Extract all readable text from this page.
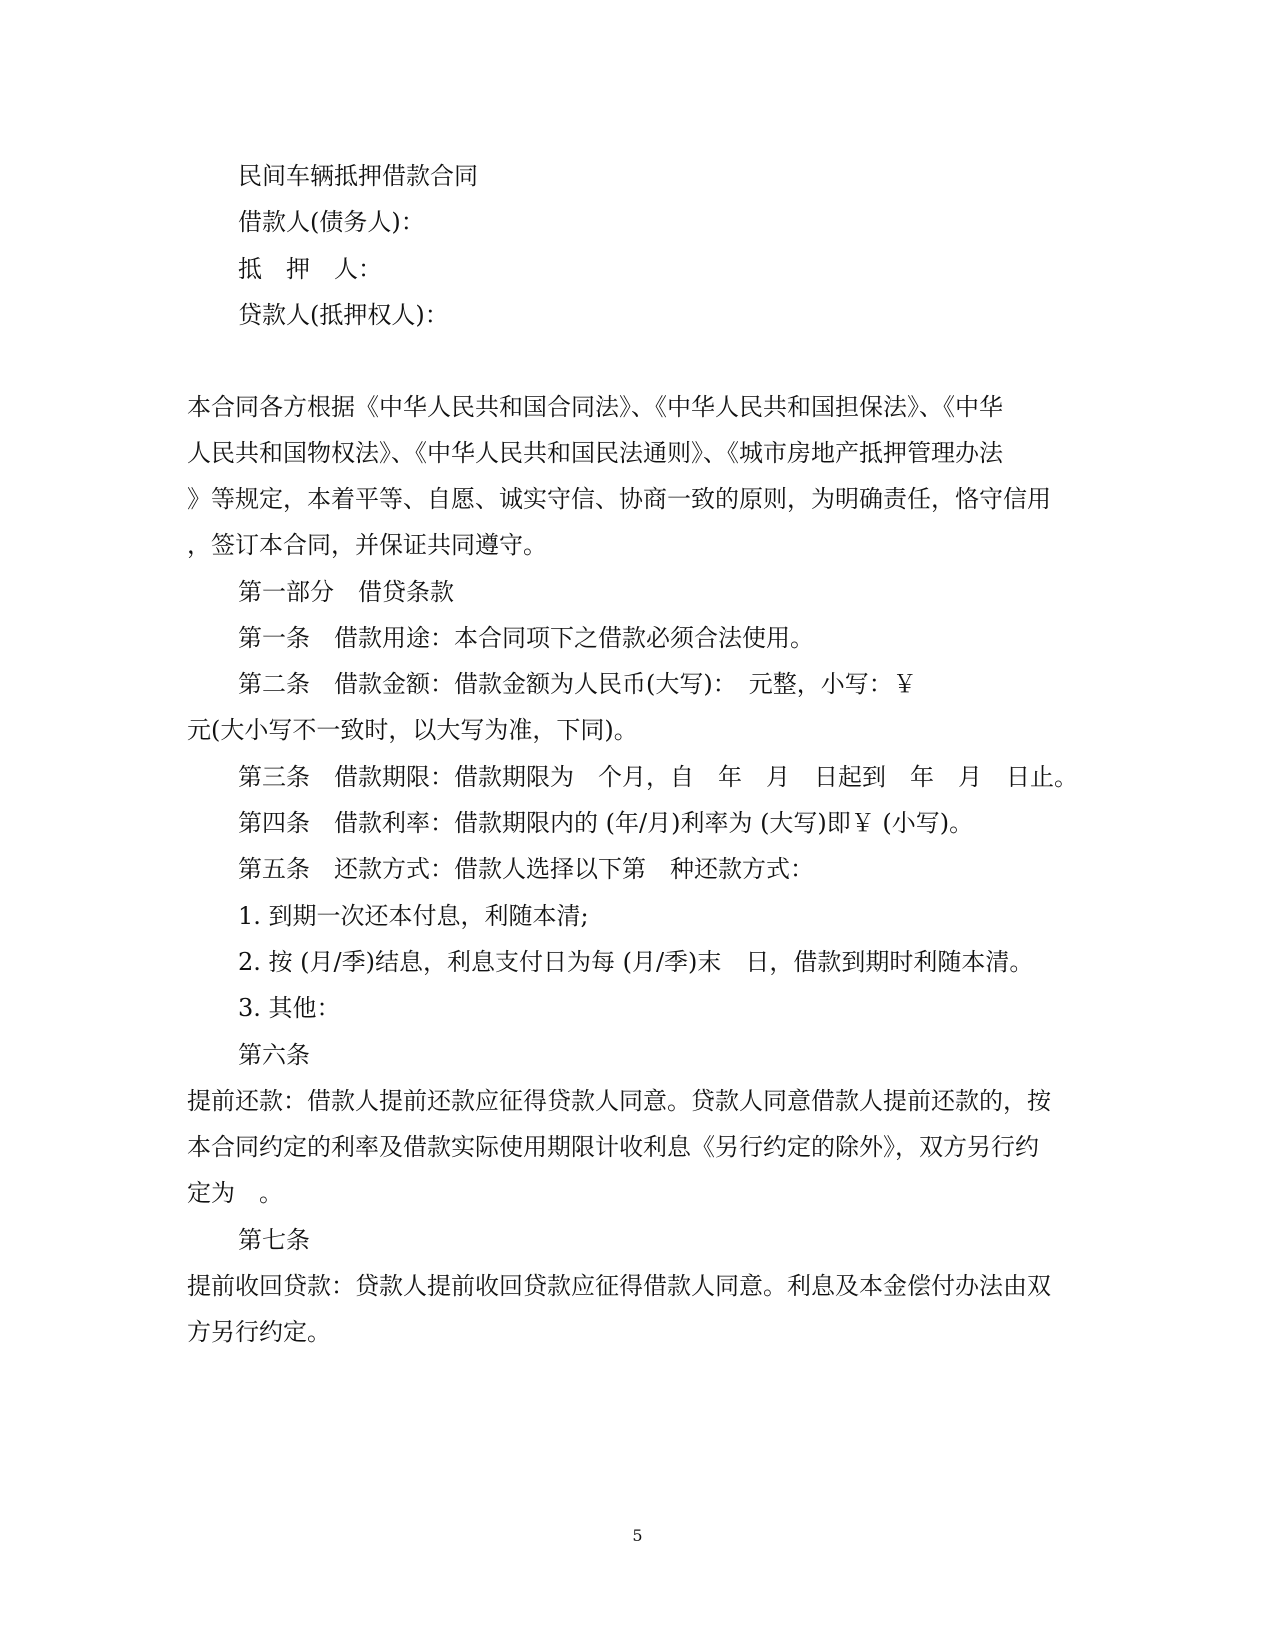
民间车辆抵押借款合同
借款人(债务人)：
抵　押　人：
贷款人(抵押权人)：
本合同各方根据《中华人民共和国合同法》、《中华人民共和国担保法》、《中华
人民共和国物权法》、《中华人民共和国民法通则》、《城市房地产抵押管理办法
》等规定，本着平等、自愿、诚实守信、协商一致的原则，为明确责任，恪守信用
，签订本合同，并保证共同遵守。
第一部分　借贷条款
第一条　借款用途：本合同项下之借款必须合法使用。
第二条　借款金额：借款金额为人民币(大写)：　元整，小写：￥
元(大小写不一致时，以大写为准，下同)。
第三条　借款期限：借款期限为　个月，自　年　月　日起到　年　月　日止。
第四条　借款利率：借款期限内的 (年/月)利率为 (大写)即￥ (小写)。
第五条　还款方式：借款人选择以下第　种还款方式：
1. 到期一次还本付息，利随本清;
2. 按 (月/季)结息，利息支付日为每 (月/季)末　日，借款到期时利随本清。
3. 其他：
第六条
提前还款：借款人提前还款应征得贷款人同意。贷款人同意借款人提前还款的，按
本合同约定的利率及借款实际使用期限计收利息《另行约定的除外》，双方另行约
定为　。
第七条
提前收回贷款：贷款人提前收回贷款应征得借款人同意。利息及本金偿付办法由双
方另行约定。
5
